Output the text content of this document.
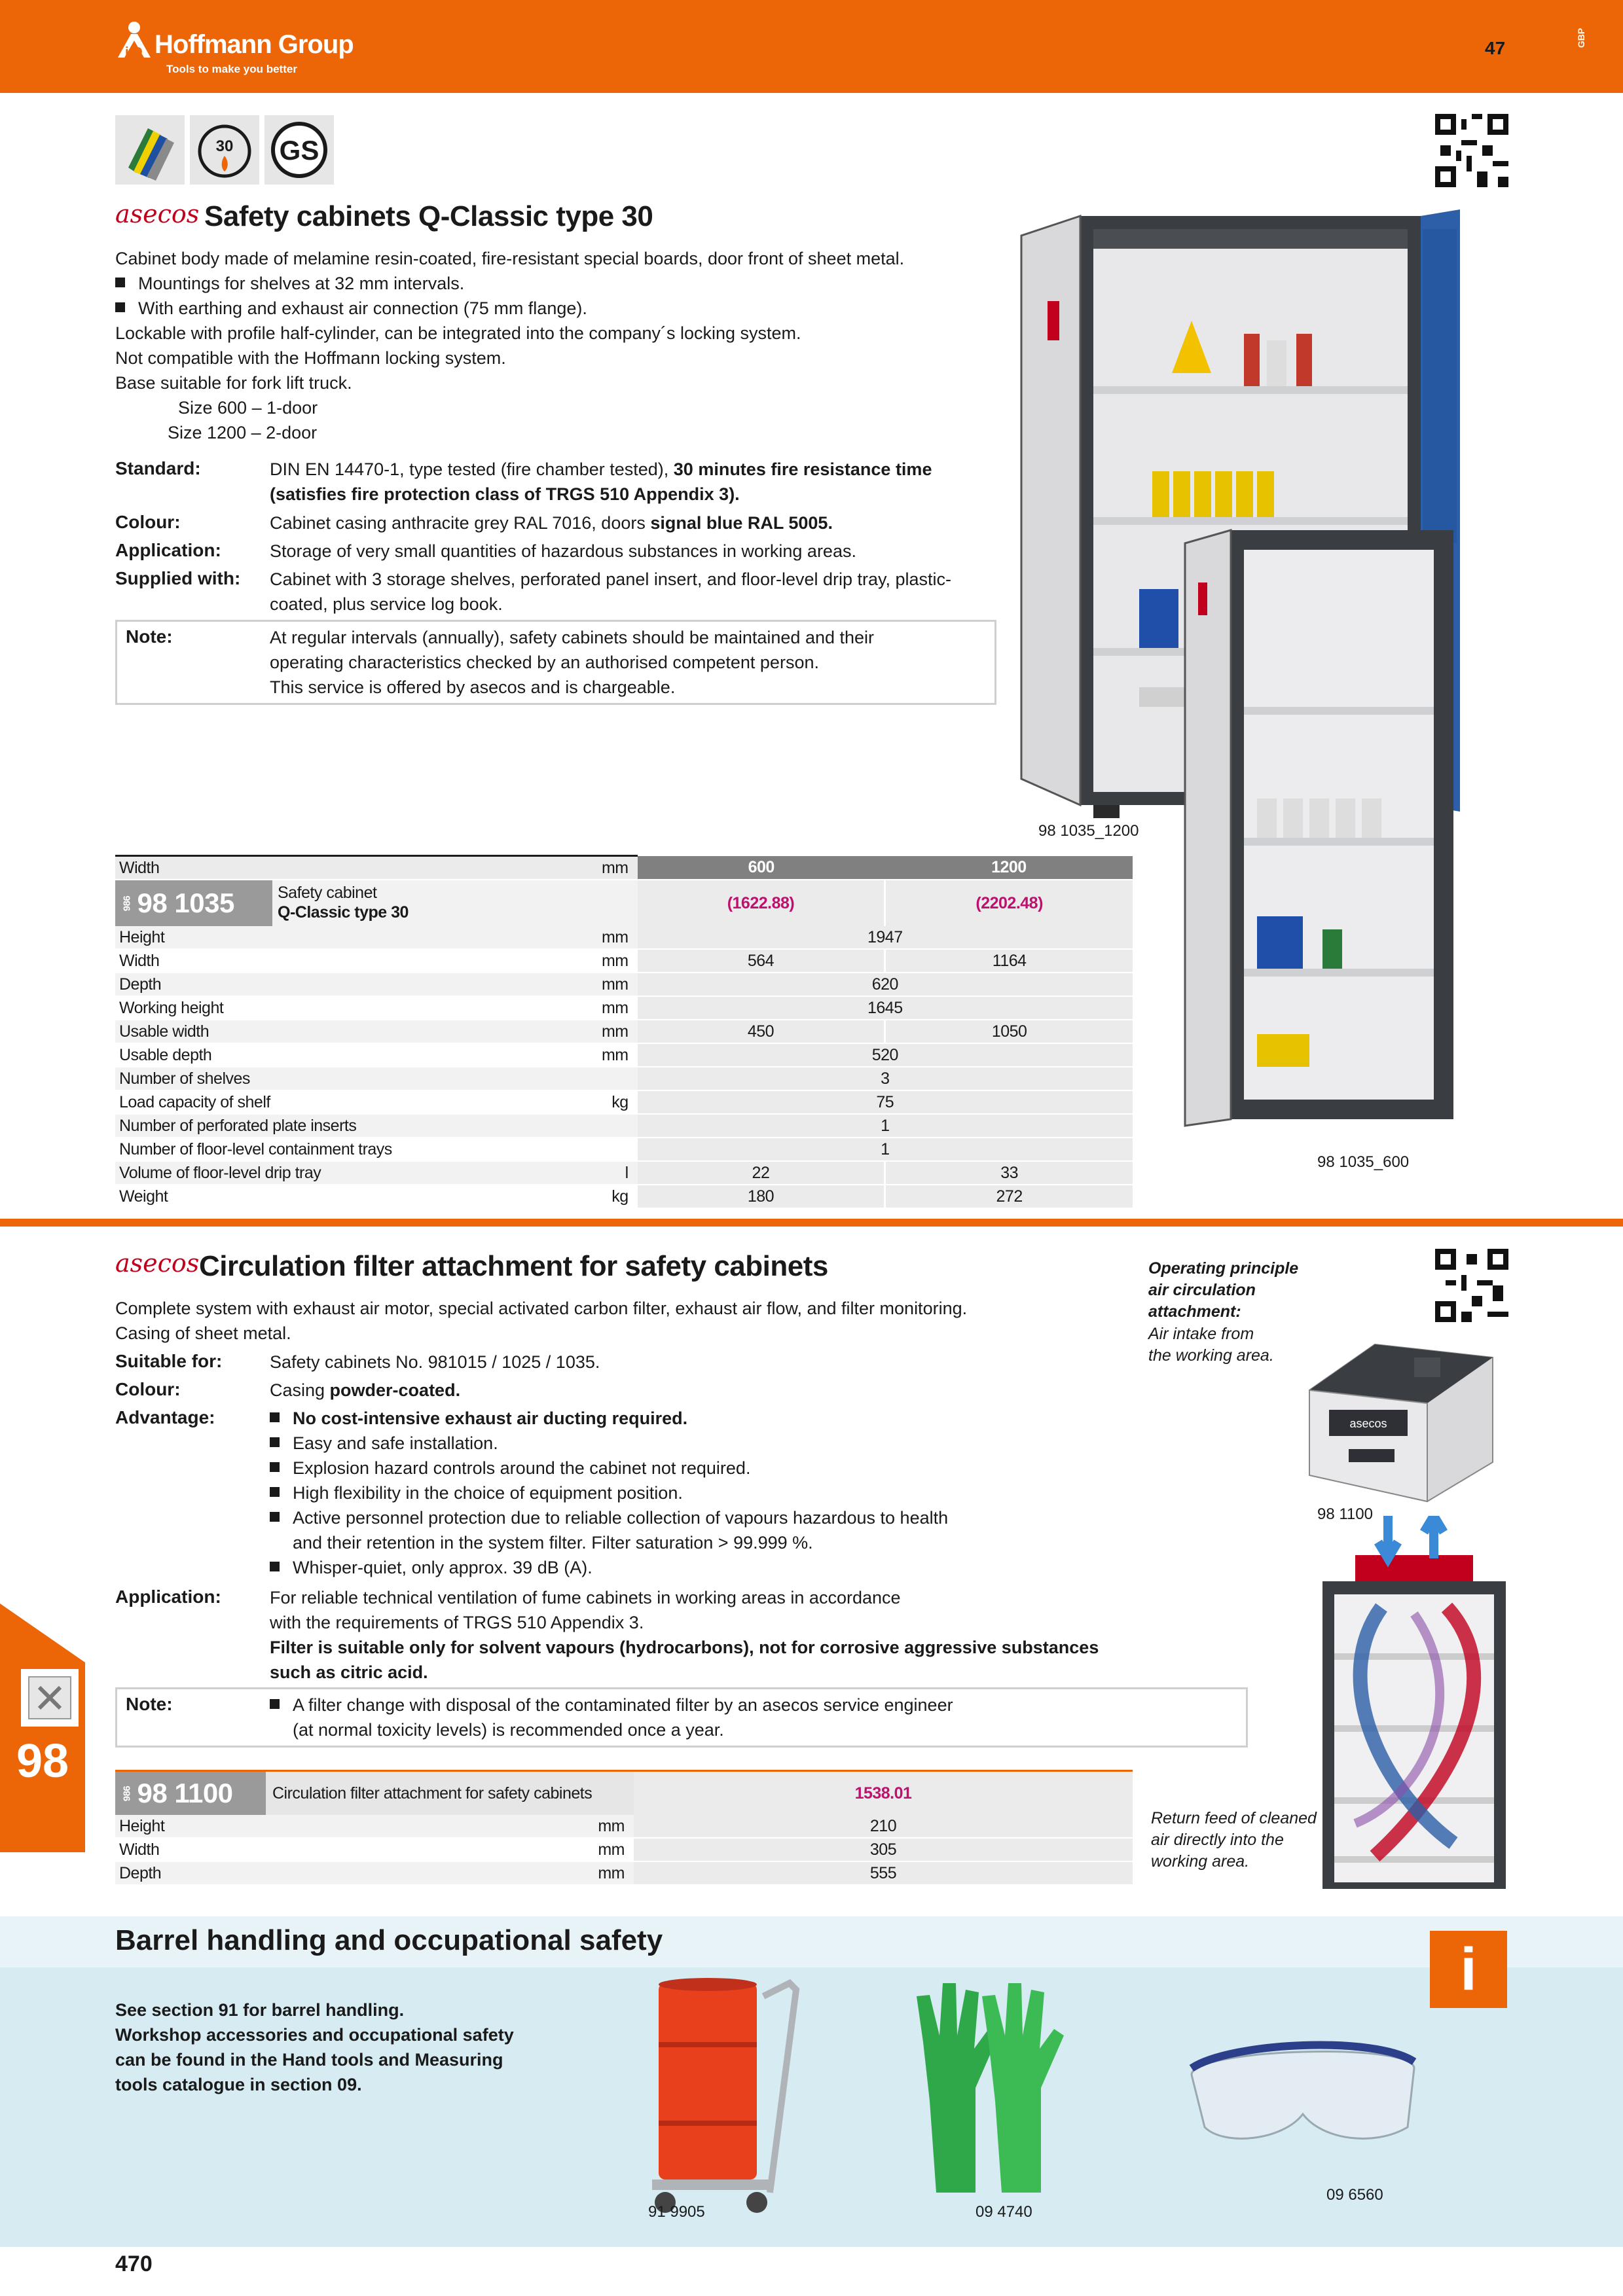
i O Hoffmann Group
Tools to make you better
47	GBP
30 GS
asecos Safety cabinets Q-Classic type 30
Cabinet body made of melamine resin-coated, fire-resistant special boards, door front of sheet metal.
Mountings for shelves at 32 mm intervals.
With earthing and exhaust air connection (75 mm flange).
Lockable with profile half-cylinder, can be integrated into the company´s locking system.
Not compatible with the Hoffmann locking system.
Base suitable for fork lift truck.
Size 600 – 1-door
Size 1200 – 2-door
Standard:	DIN EN 14470-1, type tested (fire chamber tested), 30 minutes fire resistance time (satisfies fire protection class of TRGS 510 Appendix 3).
Colour:	Cabinet casing anthracite grey RAL 7016, doors signal blue RAL 5005.
Application:	Storage of very small quantities of hazardous substances in working areas.
Supplied with: Cabinet with 3 storage shelves, perforated panel insert, and floor-level drip tray, plastic-coated, plus service log book.
Note:	At regular intervals (annually), safety cabinets should be maintained and their
operating characteristics checked by an authorised competent person.
This service is offered by asecos and is chargeable.
98 1035_1200
98 1035_600
Width	mm	600	1200

986 98 1035 Safety cabinet
Q-Classic type 30		(1622.88)	(2202.48)
Height	mm	1947	
Width	mm	564	1164
Depth	mm	620	
Working height	mm	1645	
Usable width	mm	450	1050
Usable depth	mm	520	
Number of shelves		3	
Load capacity of shelf	kg	75	
Number of perforated plate inserts		1	
Number of floor-level containment trays		1	
Volume of floor-level drip tray	l	22	33
Weight	kg	180	272
asecos Circulation filter attachment for safety cabinets
Complete system with exhaust air motor, special activated carbon filter, exhaust air flow, and filter monitoring.
Casing of sheet metal.
Suitable for:	Safety cabinets No. 981015 / 1025 / 1035.
Colour:	Casing powder-coated.
Advantage:	No cost-intensive exhaust air ducting required.
Easy and safe installation.
Explosion hazard controls around the cabinet not required.
High flexibility in the choice of equipment position.
Active personnel protection due to reliable collection of vapours hazardous to health
and their retention in the system filter. Filter saturation > 99.999 %.
Whisper-quiet, only approx. 39 dB (A).
Application:	For reliable technical ventilation of fume cabinets in working areas in accordance
with the requirements of TRGS 510 Appendix 3.
Filter is suitable only for solvent vapours (hydrocarbons), not for corrosive aggressive substances
such as citric acid.
Note:	A filter change with disposal of the contaminated filter by an asecos service engineer
(at normal toxicity levels) is recommended once a year.
Operating principle
air circulation
attachment:
Air intake from
the working area.
asecos
98 1100
Return feed of cleaned
air directly into the
working area.
98
986 98 1100 Circulation filter attachment for safety cabinets		1538.01
Height	mm	210
Width	mm	305
Depth	mm	555
Barrel handling and occupational safety	i
See section 91 for barrel handling.
Workshop accessories and occupational safety
can be found in the Hand tools and Measuring
tools catalogue in section 09.
91 9905	09 4740
09 6560
470
